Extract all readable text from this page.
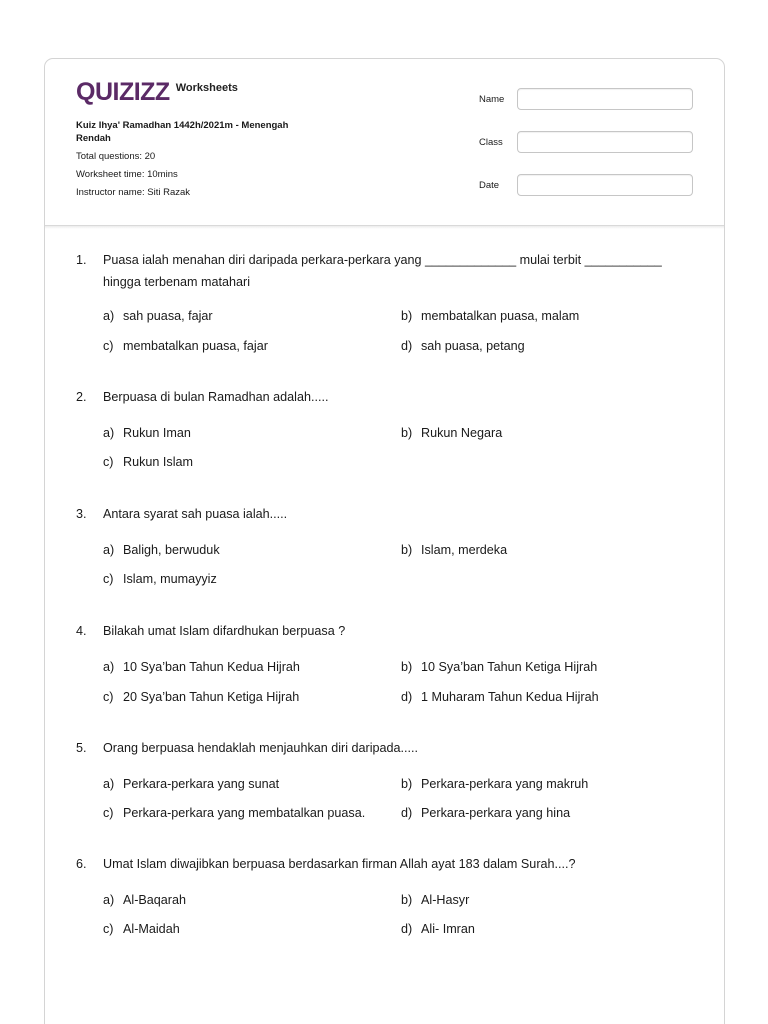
QUIZIZZ Worksheets
Kuiz Ihya' Ramadhan 1442h/2021m - Menengah Rendah
Total questions: 20
Worksheet time: 10mins
Instructor name: Siti Razak
Name
Class
Date
1. Puasa ialah menahan diri daripada perkara-perkara yang _____________ mulai terbit ___________ hingga terbenam matahari
a) sah puasa, fajar	b) membatalkan puasa, malam
c) membatalkan puasa, fajar	d) sah puasa, petang
2. Berpuasa di bulan Ramadhan adalah.....
a) Rukun Iman	b) Rukun Negara
c) Rukun Islam
3. Antara syarat sah puasa ialah.....
a) Baligh, berwuduk	b) Islam, merdeka
c) Islam, mumayyiz
4. Bilakah umat Islam difardhukan berpuasa ?
a) 10 Sya’ban Tahun Kedua Hijrah	b) 10 Sya’ban Tahun Ketiga Hijrah
c) 20 Sya’ban Tahun Ketiga Hijrah	d) 1 Muharam Tahun Kedua Hijrah
5. Orang berpuasa hendaklah menjauhkan diri daripada.....
a) Perkara-perkara yang sunat	b) Perkara-perkara yang makruh
c) Perkara-perkara yang membatalkan puasa.	d) Perkara-perkara yang hina
6. Umat Islam diwajibkan berpuasa berdasarkan firman Allah ayat 183 dalam Surah....?
a) Al-Baqarah	b) Al-Hasyr
c) Al-Maidah	d) Ali- Imran
